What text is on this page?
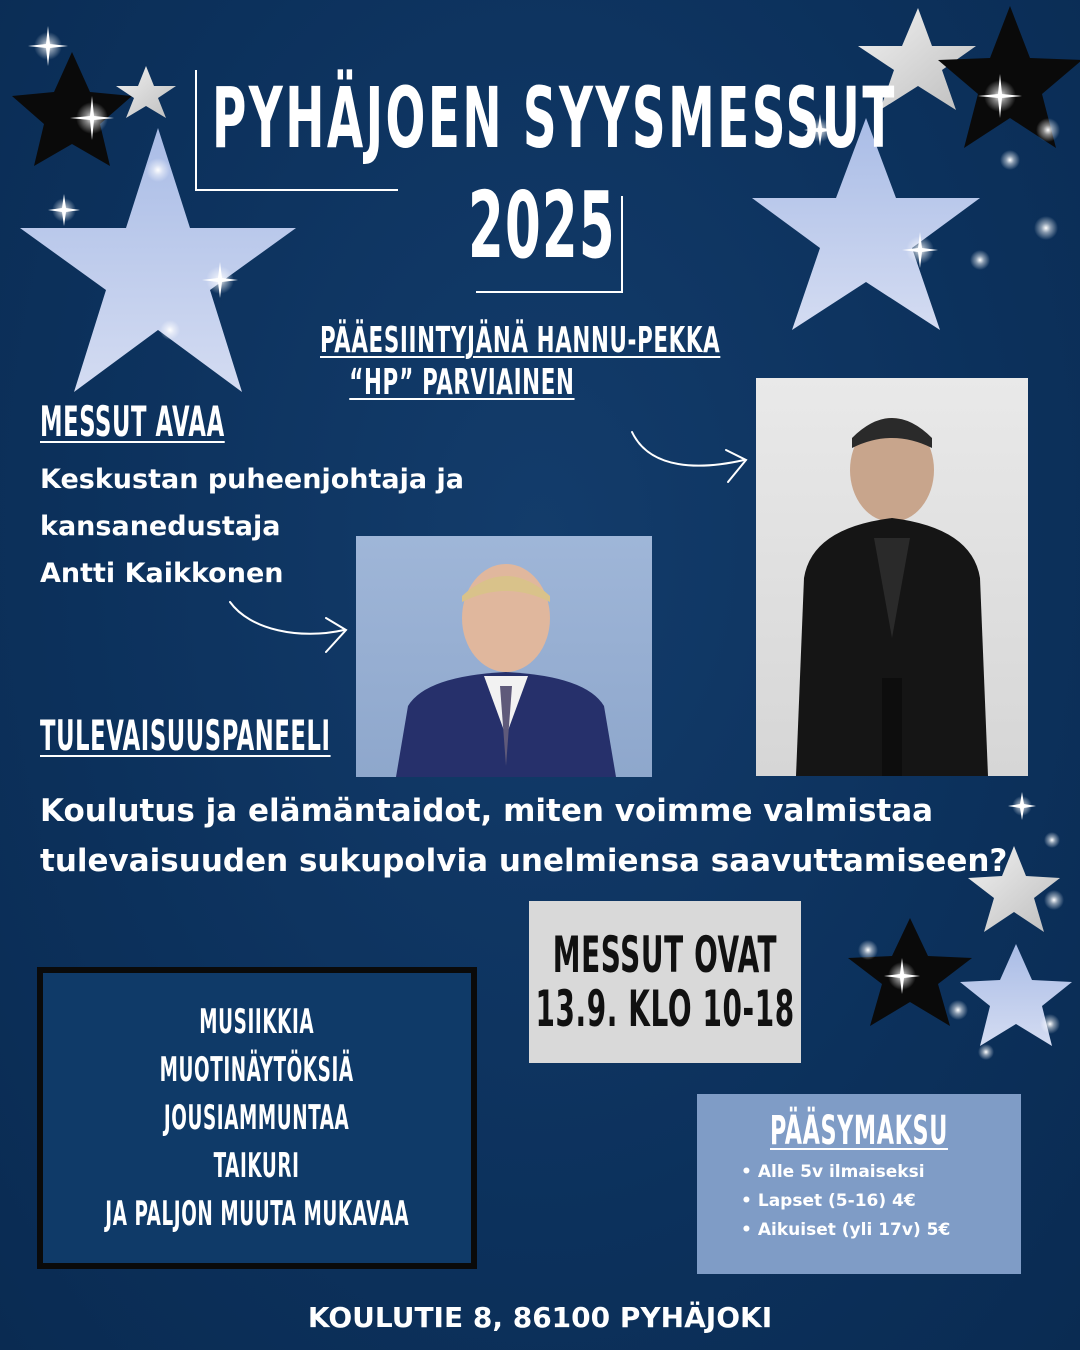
PYHÄJOEN SYYSMESSUT
2025
PÄÄESIINTYJÄNÄ HANNU-PEKKA
“HP” PARVIAINEN
MESSUT AVAA
Keskustan puheenjohtaja ja
kansanedustaja
Antti Kaikkonen
TULEVAISUUSPANEELI
Koulutus ja elämäntaidot, miten voimme valmistaa
tulevaisuuden sukupolvia unelmiensa saavuttamiseen?
MESSUT OVAT
13.9. KLO 10-18
MUSIIKKIA
MUOTINÄYTÖKSIÄ
JOUSIAMMUNTAA
TAIKURI
JA PALJON MUUTA MUKAVAA
PÄÄSYMAKSU
• Alle 5v ilmaiseksi
• Lapset (5-16) 4€
• Aikuiset (yli 17v) 5€
KOULUTIE 8, 86100 PYHÄJOKI
